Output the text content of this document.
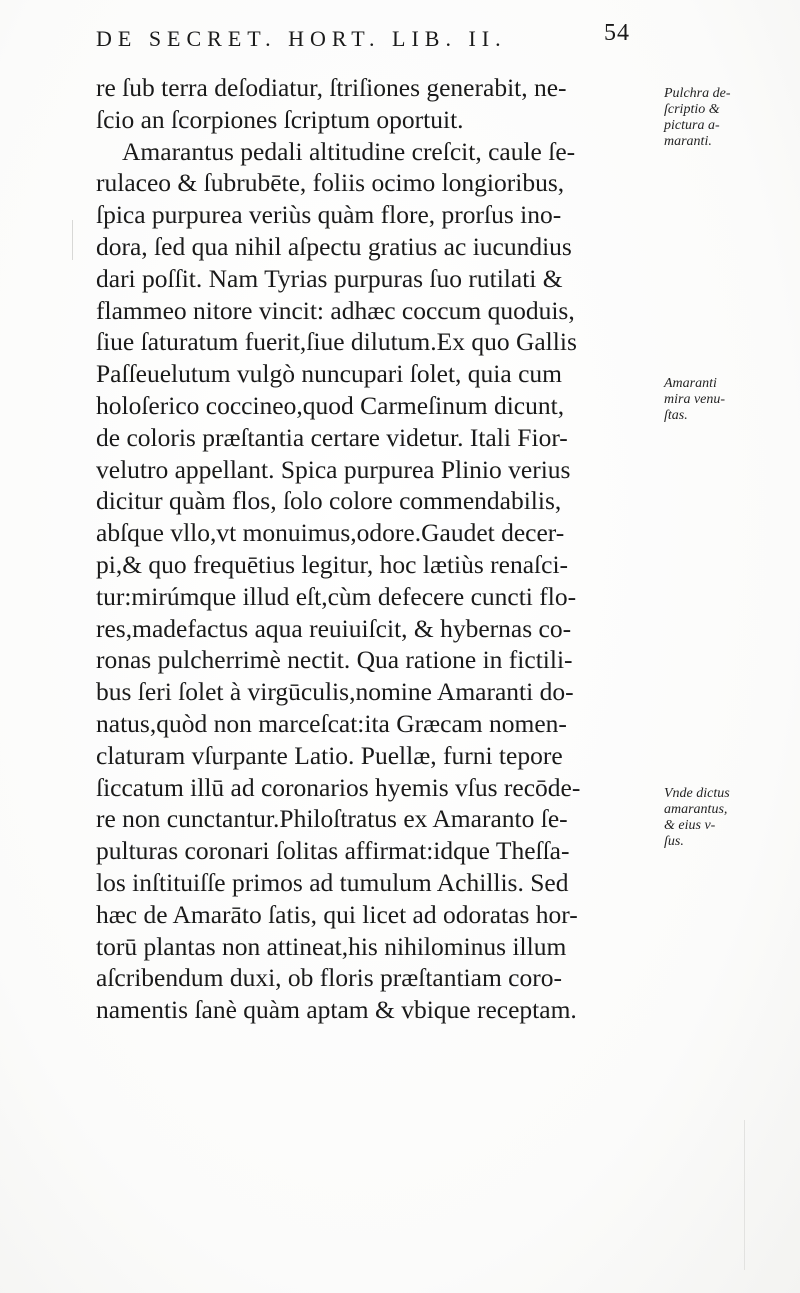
DE SECRET. HORT. LIB. II.	54
re ſub terra deſodiatur, ſtriſiones generabit, ne-
ſcio an ſcorpiones ſcriptum oportuit.
Amarantus pedali altitudine creſcit, caule ſe-
rulaceo & ſubrubēte, foliis ocimo longioribus,
ſpica purpurea veriùs quàm flore, prorſus ino-
dora, ſed qua nihil aſpectu gratius ac iucundius
dari poſſit. Nam Tyrias purpuras ſuo rutilati &
flammeo nitore vincit: adhæc coccum quoduis,
ſiue ſaturatum fuerit,ſiue dilutum.Ex quo Gallis
Paſſeuelutum vulgò nuncupari ſolet, quia cum
holoſerico coccineo,quod Carmeſinum dicunt,
de coloris præſtantia certare videtur. Itali Fior-
velutro appellant. Spica purpurea Plinio verius
dicitur quàm flos, ſolo colore commendabilis,
abſque vllo,vt monuimus,odore.Gaudet decer-
pi,& quo frequētius legitur, hoc lætiùs renaſci-
tur:mirúmque illud eſt,cùm defecere cuncti flo-
res,madefactus aqua reuiuiſcit, & hybernas co-
ronas pulcherrimè nectit. Qua ratione in fictili-
bus ſeri ſolet à virgūculis,nomine Amaranti do-
natus,quòd non marceſcat:ita Græcam nomen-
claturam vſurpante Latio. Puellæ, furni tepore
ſiccatum illū ad coronarios hyemis vſus recōde-
re non cunctantur.Philoſtratus ex Amaranto ſe-
pulturas coronari ſolitas affirmat:idque Theſſa-
los inſtituiſſe primos ad tumulum Achillis. Sed
hæc de Amarāto ſatis, qui licet ad odoratas hor-
torū plantas non attineat,his nihilominus illum
aſcribendum duxi, ob floris præſtantiam coro-
namentis ſanè quàm aptam & vbique receptam.
Pulchra de-
ſcriptio &
pictura a-
maranti.
Amaranti
mira venu-
ſtas.
Vnde dictus
amarantus,
& eius v-
ſus.
